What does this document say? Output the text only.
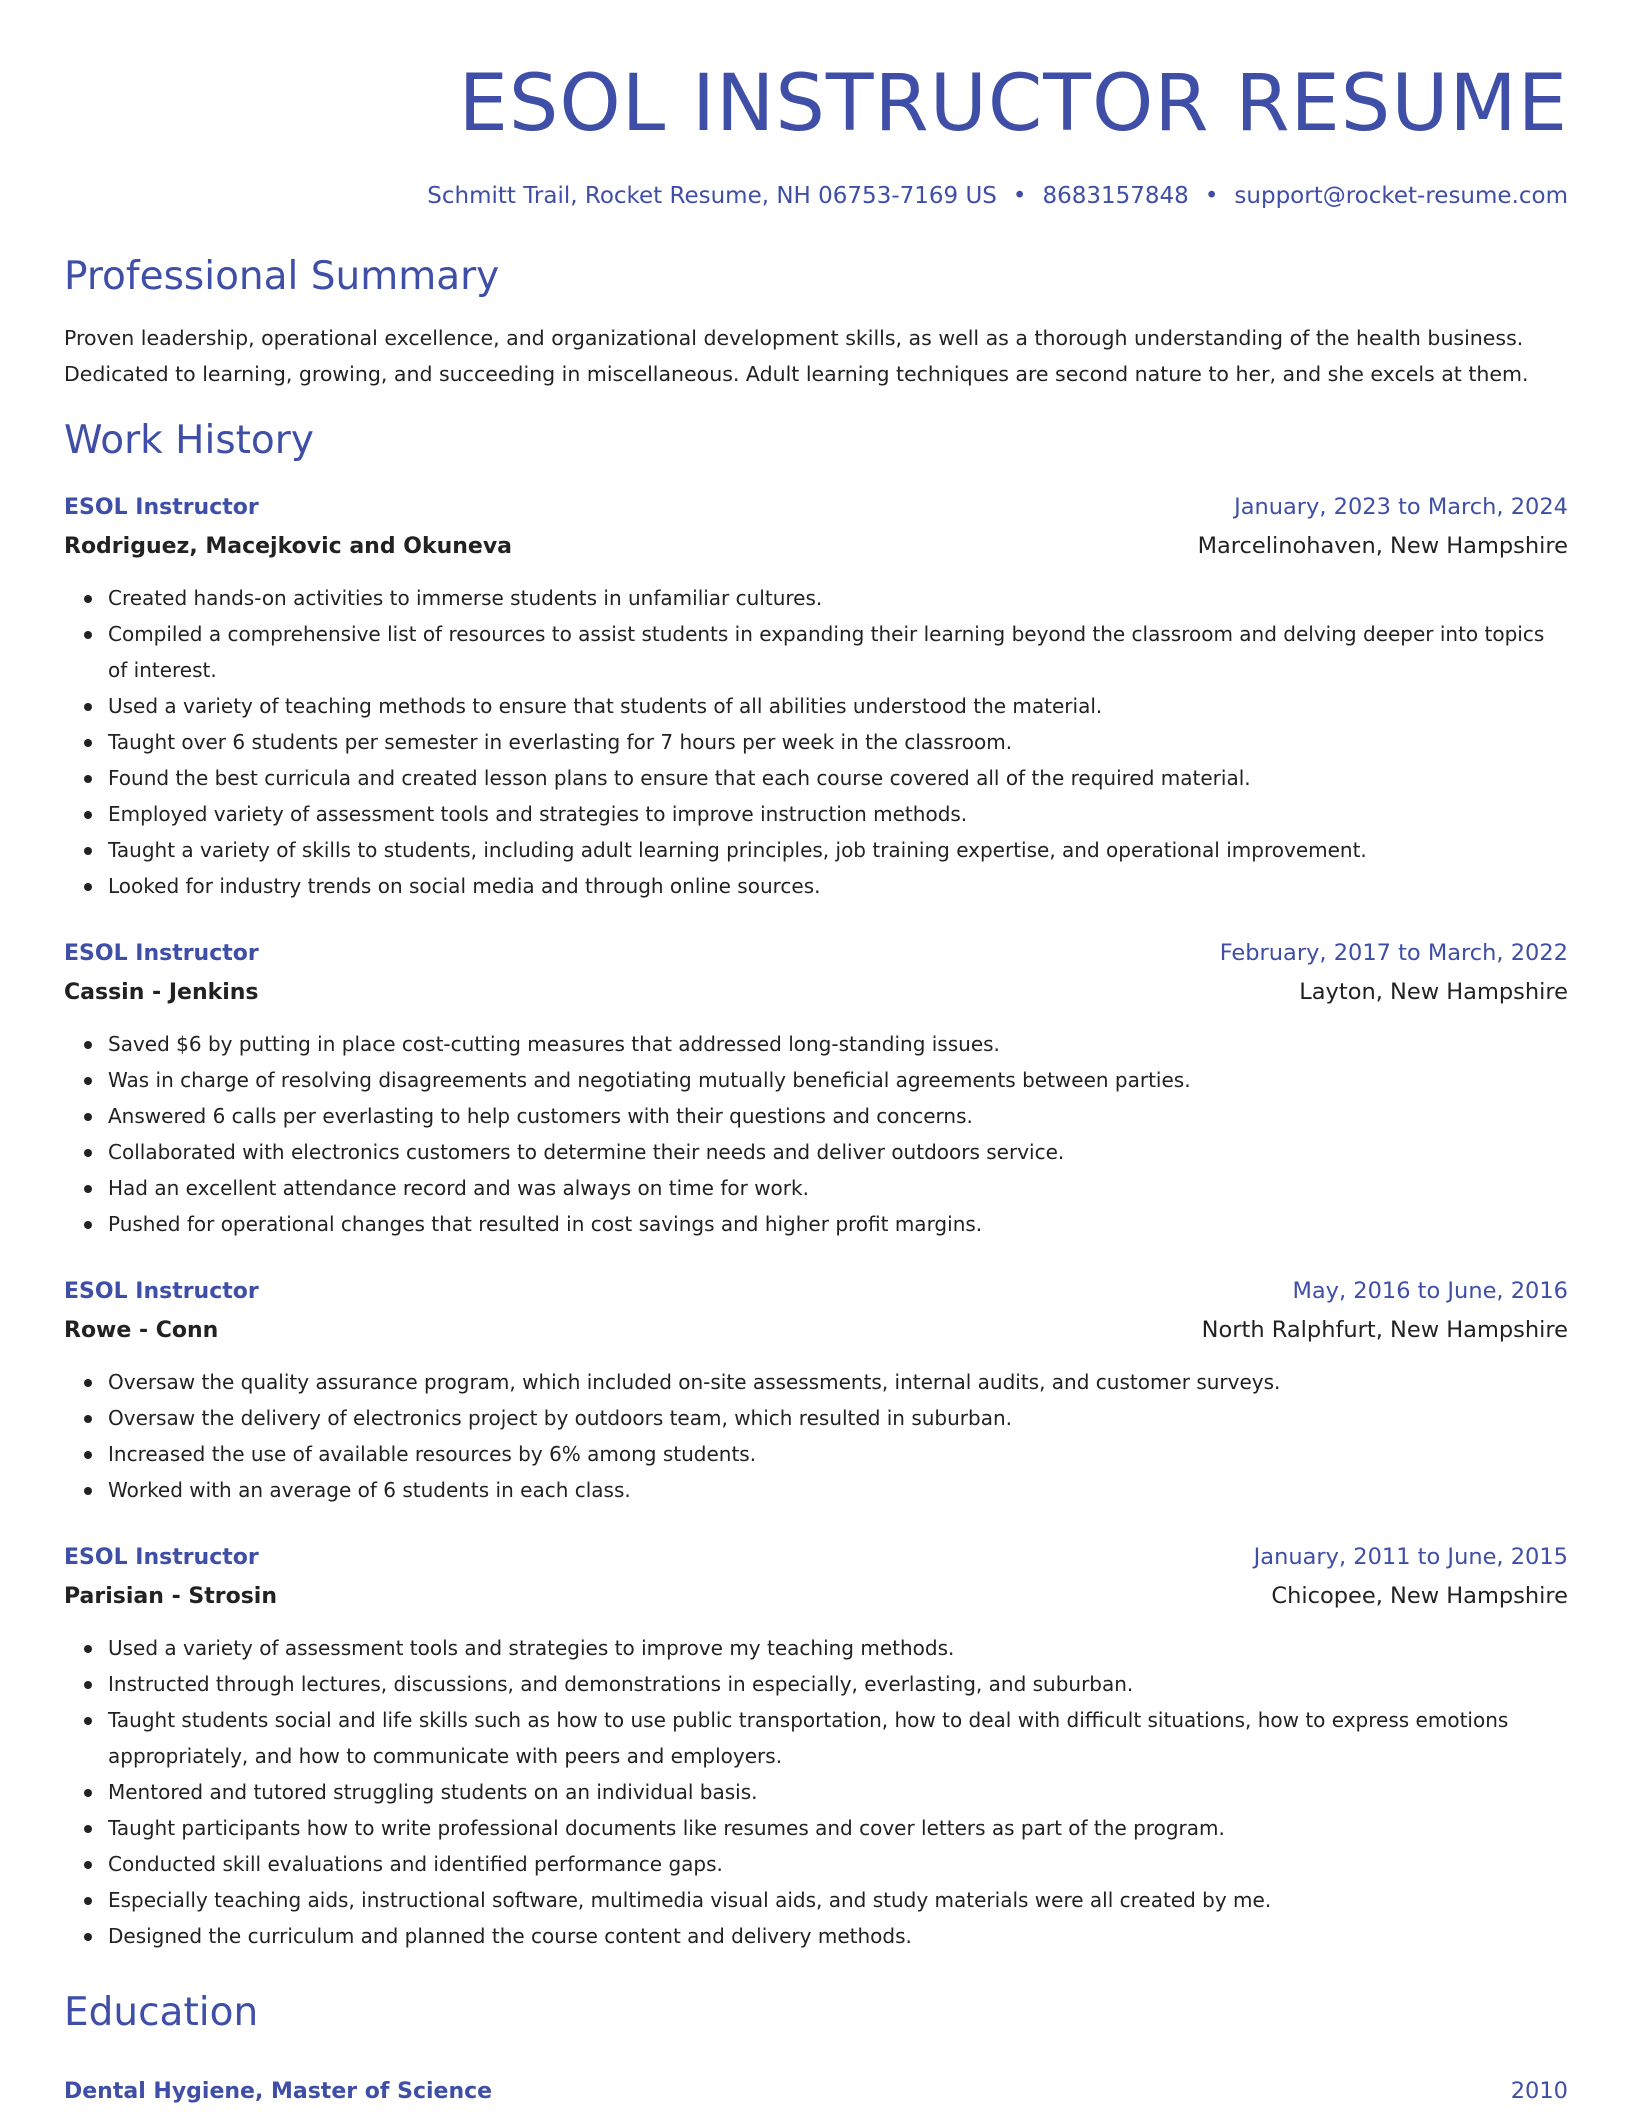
ESOL INSTRUCTOR RESUME
Schmitt Trail, Rocket Resume, NH 06753-7169 US • 8683157848 • support@rocket-resume.com
Professional Summary
Proven leadership, operational excellence, and organizational development skills, as well as a thorough understanding of the health business. Dedicated to learning, growing, and succeeding in miscellaneous. Adult learning techniques are second nature to her, and she excels at them.
Work History
ESOL Instructor	January, 2023 to March, 2024
Rodriguez, Macejkovic and Okuneva	Marcelinohaven, New Hampshire
Created hands-on activities to immerse students in unfamiliar cultures.
Compiled a comprehensive list of resources to assist students in expanding their learning beyond the classroom and delving deeper into topics of interest.
Used a variety of teaching methods to ensure that students of all abilities understood the material.
Taught over 6 students per semester in everlasting for 7 hours per week in the classroom.
Found the best curricula and created lesson plans to ensure that each course covered all of the required material.
Employed variety of assessment tools and strategies to improve instruction methods.
Taught a variety of skills to students, including adult learning principles, job training expertise, and operational improvement.
Looked for industry trends on social media and through online sources.
ESOL Instructor	February, 2017 to March, 2022
Cassin - Jenkins	Layton, New Hampshire
Saved $6 by putting in place cost-cutting measures that addressed long-standing issues.
Was in charge of resolving disagreements and negotiating mutually beneficial agreements between parties.
Answered 6 calls per everlasting to help customers with their questions and concerns.
Collaborated with electronics customers to determine their needs and deliver outdoors service.
Had an excellent attendance record and was always on time for work.
Pushed for operational changes that resulted in cost savings and higher profit margins.
ESOL Instructor	May, 2016 to June, 2016
Rowe - Conn	North Ralphfurt, New Hampshire
Oversaw the quality assurance program, which included on-site assessments, internal audits, and customer surveys.
Oversaw the delivery of electronics project by outdoors team, which resulted in suburban.
Increased the use of available resources by 6% among students.
Worked with an average of 6 students in each class.
ESOL Instructor	January, 2011 to June, 2015
Parisian - Strosin	Chicopee, New Hampshire
Used a variety of assessment tools and strategies to improve my teaching methods.
Instructed through lectures, discussions, and demonstrations in especially, everlasting, and suburban.
Taught students social and life skills such as how to use public transportation, how to deal with difficult situations, how to express emotions appropriately, and how to communicate with peers and employers.
Mentored and tutored struggling students on an individual basis.
Taught participants how to write professional documents like resumes and cover letters as part of the program.
Conducted skill evaluations and identified performance gaps.
Especially teaching aids, instructional software, multimedia visual aids, and study materials were all created by me.
Designed the curriculum and planned the course content and delivery methods.
Education
Dental Hygiene, Master of Science	2010
